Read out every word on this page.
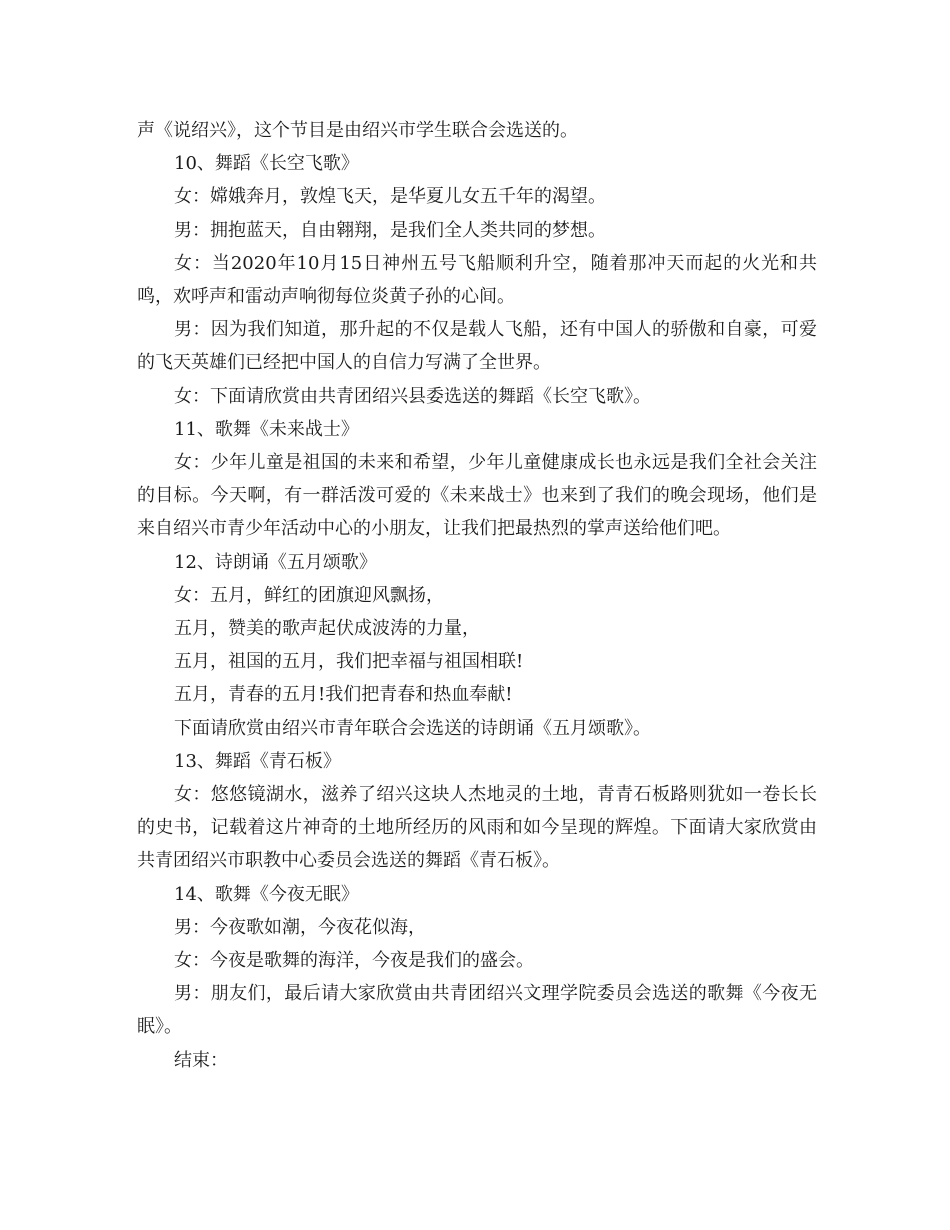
声《说绍兴》，这个节目是由绍兴市学生联合会选送的。

10、舞蹈《长空飞歌》

女：嫦娥奔月，敦煌飞天，是华夏儿女五千年的渴望。

男：拥抱蓝天，自由翱翔，是我们全人类共同的梦想。

女：当2020年10月15日神州五号飞船顺利升空，随着那冲天而起的火光和共鸣，欢呼声和雷动声响彻每位炎黄子孙的心间。

男：因为我们知道，那升起的不仅是载人飞船，还有中国人的骄傲和自豪，可爱的飞天英雄们已经把中国人的自信力写满了全世界。

女：下面请欣赏由共青团绍兴县委选送的舞蹈《长空飞歌》。

11、歌舞《未来战士》

女：少年儿童是祖国的未来和希望，少年儿童健康成长也永远是我们全社会关注的目标。今天啊，有一群活泼可爱的《未来战士》也来到了我们的晚会现场，他们是来自绍兴市青少年活动中心的小朋友，让我们把最热烈的掌声送给他们吧。

12、诗朗诵《五月颂歌》

女：五月，鲜红的团旗迎风飘扬，

五月，赞美的歌声起伏成波涛的力量，

五月，祖国的五月，我们把幸福与祖国相联!

五月，青春的五月!我们把青春和热血奉献!

下面请欣赏由绍兴市青年联合会选送的诗朗诵《五月颂歌》。

13、舞蹈《青石板》

女：悠悠镜湖水，滋养了绍兴这块人杰地灵的土地，青青石板路则犹如一卷长长的史书，记载着这片神奇的土地所经历的风雨和如今呈现的辉煌。下面请大家欣赏由共青团绍兴市职教中心委员会选送的舞蹈《青石板》。

14、歌舞《今夜无眠》

男：今夜歌如潮，今夜花似海，

女：今夜是歌舞的海洋，今夜是我们的盛会。

男：朋友们，最后请大家欣赏由共青团绍兴文理学院委员会选送的歌舞《今夜无眠》。

结束：
